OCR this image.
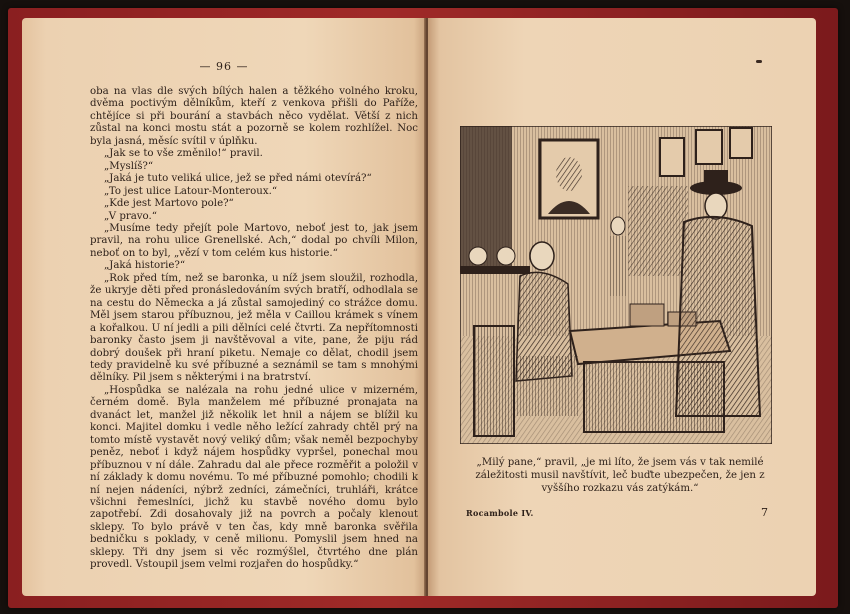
— 96 —

oba na vlas dle svých bílých halen a těžkého volného kroku, dvěma poctivým dělníkům, kteří z venkova přišli do Paříže, chtějíce si při bourání a stavbách něco vydělat. Větší z nich zůstal na konci mostu stát a pozorně se kolem rozhlížel. Noc byla jasná, měsíc svítil v úplňku.

„Jak se to vše změnilo!“ pravil.

„Myslíš?“

„Jaká je tuto veliká ulice, jež se před námi otevírá?“

„To jest ulice Latour-Monteroux.“

„Kde jest Martovo pole?“

„V pravo.“

„Musíme tedy přejít pole Martovo, neboť jest to, jak jsem pravil, na rohu ulice Grenellské. Ach,“ dodal po chvíli Milon, neboť on to byl, „vězí v tom celém kus historie.“

„Jaká historie?“

„Rok před tím, než se baronka, u níž jsem sloužil, rozhodla, že ukryje děti před pronásledováním svých bratří, odhodlala se na cestu do Německa a já zůstal samojediný co strážce domu. Měl jsem starou příbuznou, jež měla v Caillou krámek s vínem a kořalkou. U ní jedli a pili dělníci celé čtvrti. Za nepřítomnosti baronky často jsem ji navštěvoval a vite, pane, že piju rád dobrý doušek při hraní piketu. Nemaje co dělat, chodil jsem tedy pravidelně ku své příbuzné a seznámil se tam s mnohými dělníky. Pil jsem s některými i na bratrství.

„Hospůdka se nalézala na rohu jedné ulice v mizerném, černém domě. Byla manželem mé příbuzné pronajata na dvanáct let, manžel již několik let hnil a nájem se blížil ku konci. Majitel domku i vedle něho ležící zahrady chtěl prý na tomto místě vystavět nový veliký dům; však neměl bezpochyby peněz, neboť i když nájem hospůdky vypršel, ponechal mou příbuznou v ní dále. Zahradu dal ale přece rozměřit a položil v ní základy k domu novému. To mé příbuzné pomohlo; chodili k ní nejen nádeníci, nýbrž zedníci, zámečníci, truhláři, krátce všichni řemeslníci, jichž ku stavbě nového domu bylo zapotřebí. Zdi dosahovaly již na povrch a počaly klenout sklepy. To bylo právě v ten čas, kdy mně baronka svěřila bedničku s poklady, v ceně milionu. Pomyslil jsem hned na sklepy. Tři dny jsem si věc rozmýšlel, čtvrtého dne plán provedl. Vstoupil jsem velmi rozjařen do hospůdky.“

„Milý pane,“ pravil, „je mi líto, že jsem vás v tak nemilé záležitosti musil navštívit, leč buďte ubezpečen, že jen z vyššího rozkazu vás zatýkám.“
Rocambole IV.	7
